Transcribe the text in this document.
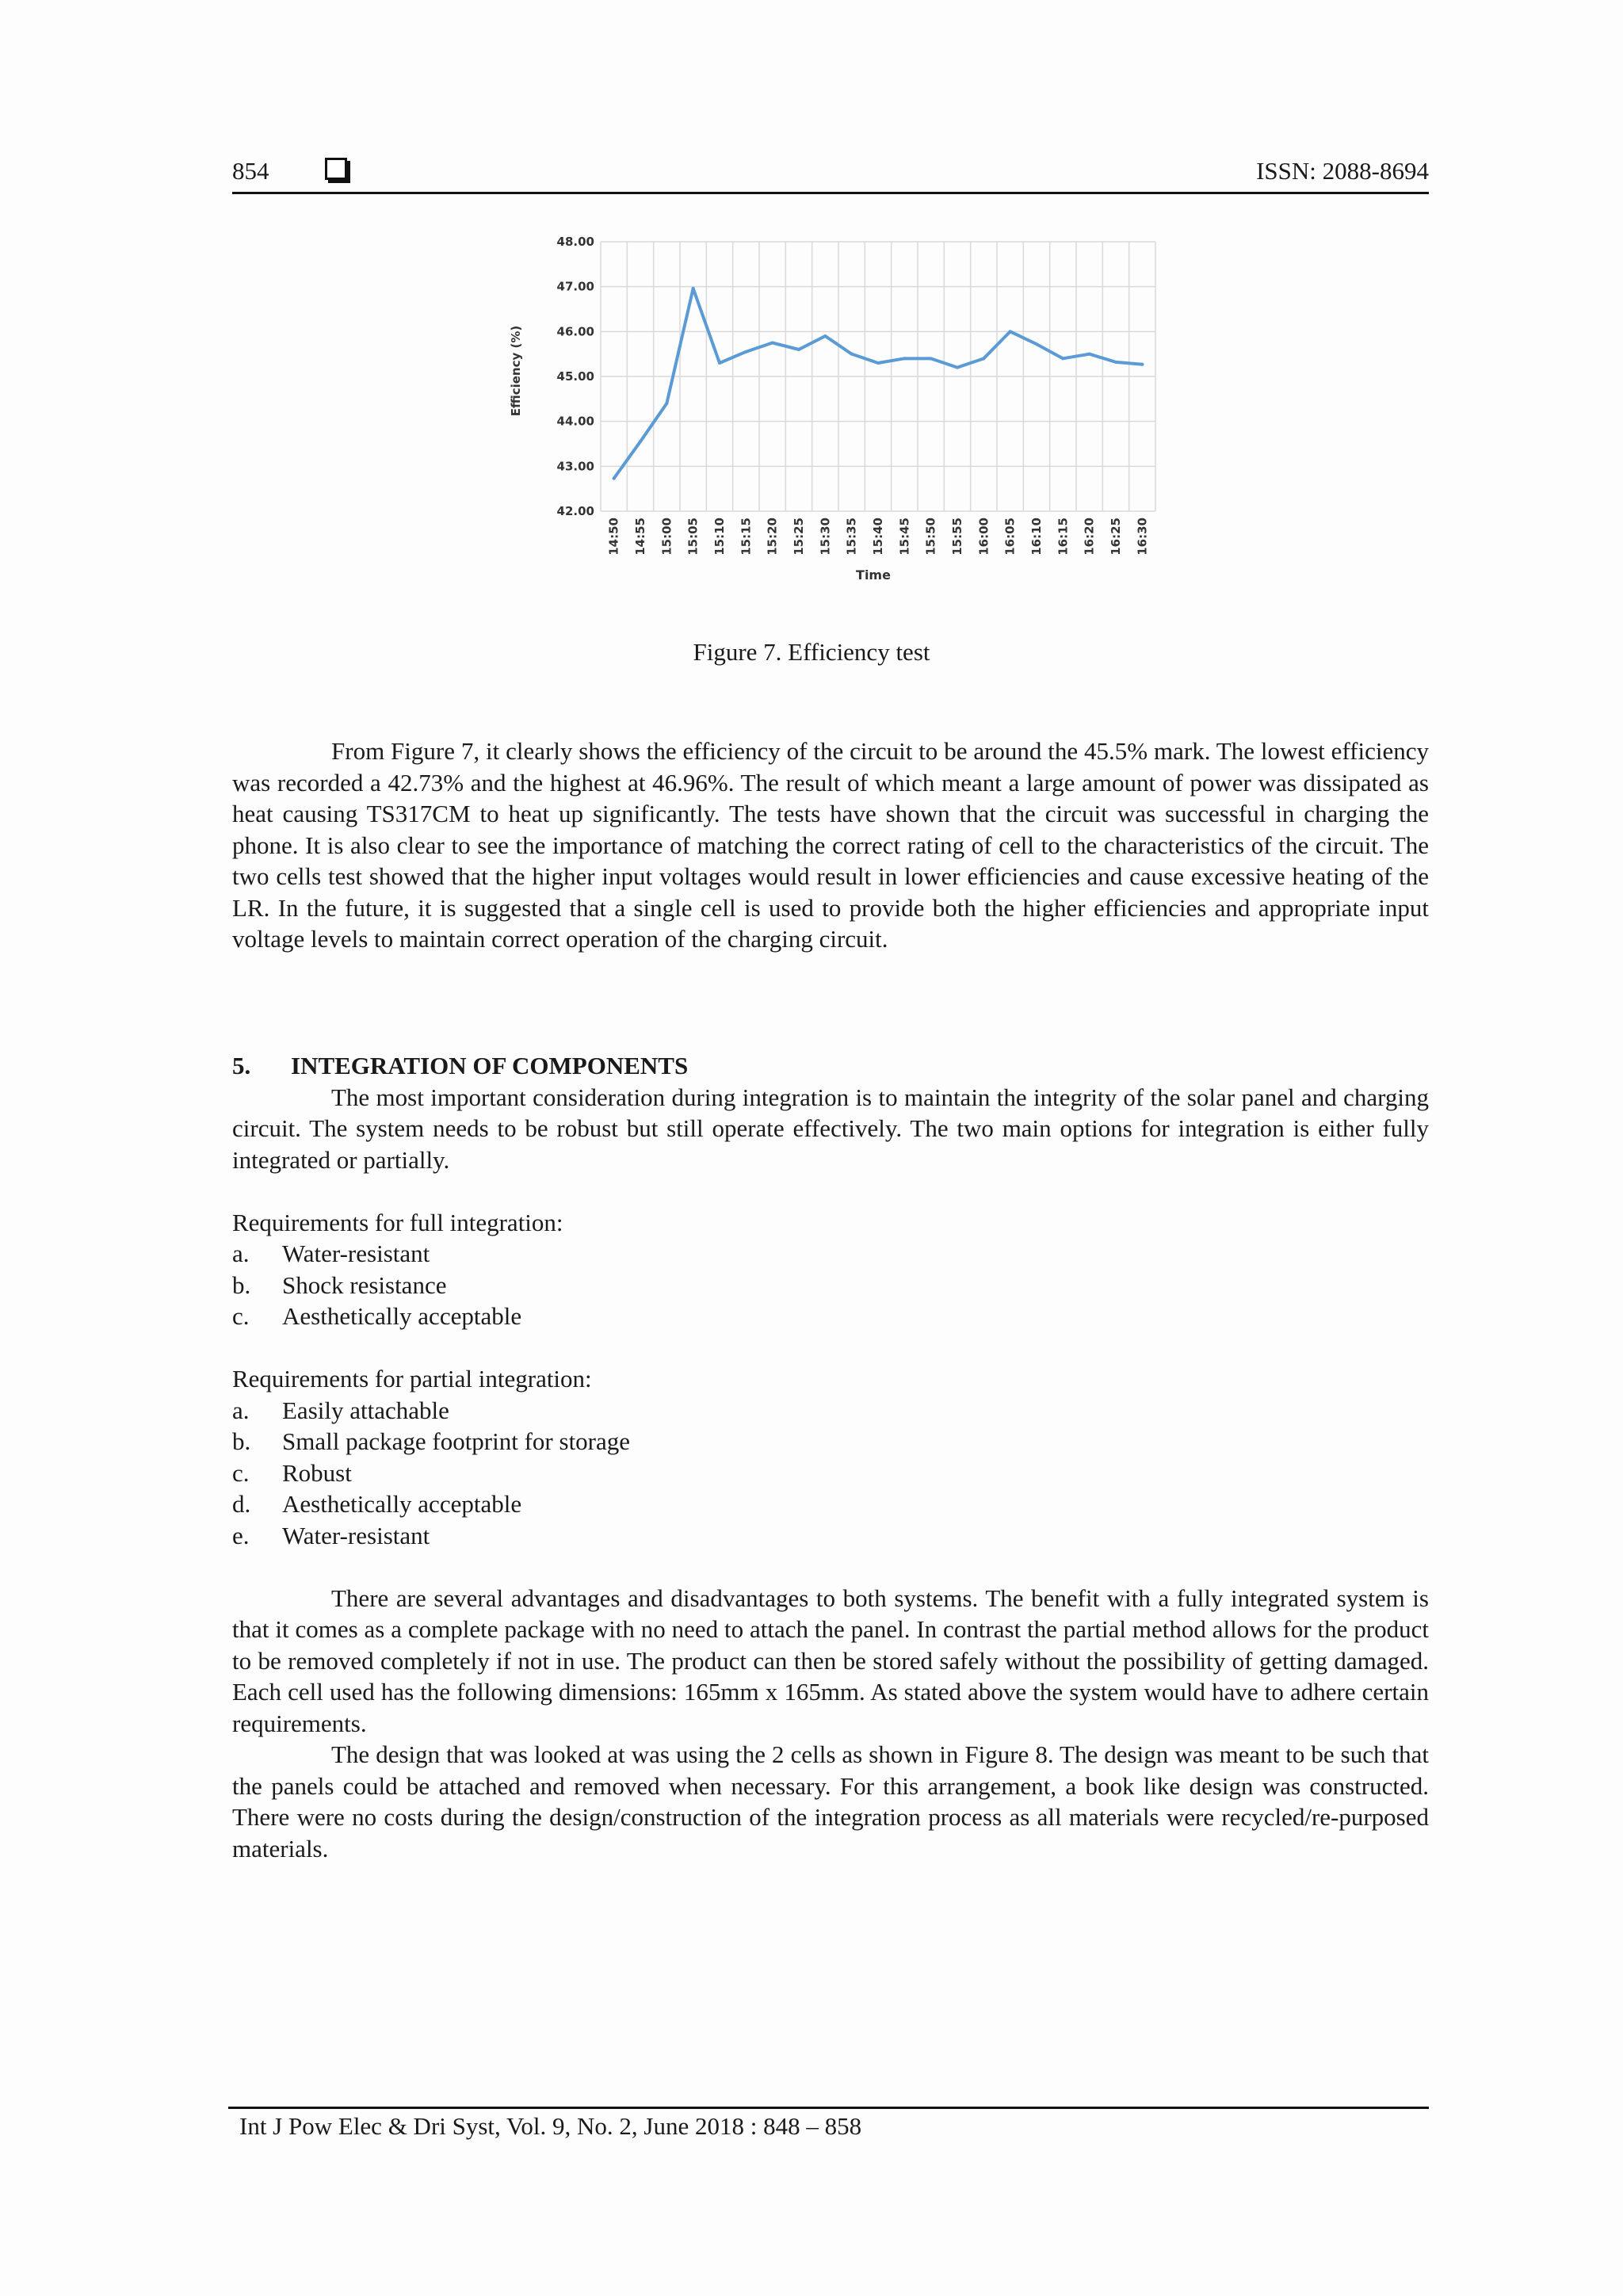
854	ISSN: 2088-8694
42.00
43.00
44.00
45.00
46.00
47.00
48.00
14:50 14:55 15:00 15:05 15:10 15:15 15:20 15:25 15:30 15:35 15:40 15:45 15:50 15:55 16:00 16:05 16:10 16:15 16:20 16:25 16:30
Efficiency (%)
Time
Figure 7. Efficiency test

From Figure 7, it clearly shows the efficiency of the circuit to be around the 45.5% mark. The lowest efficiency was recorded a 42.73% and the highest at 46.96%. The result of which meant a large amount of power was dissipated as heat causing TS317CM to heat up significantly. The tests have shown that the circuit was successful in charging the phone. It is also clear to see the importance of matching the correct rating of cell to the characteristics of the circuit. The two cells test showed that the higher input voltages would result in lower efficiencies and cause excessive heating of the LR. In the future, it is suggested that a single cell is used to provide both the higher efficiencies and appropriate input voltage levels to maintain correct operation of the charging circuit.

5. INTEGRATION OF COMPONENTS

The most important consideration during integration is to maintain the integrity of the solar panel and charging circuit. The system needs to be robust but still operate effectively. The two main options for integration is either fully integrated or partially.

Requirements for full integration:

a.	Water-resistant
b.	Shock resistance
c.	Aesthetically acceptable

Requirements for partial integration:

a.	Easily attachable
b.	Small package footprint for storage
c.	Robust
d.	Aesthetically acceptable
e.	Water-resistant

There are several advantages and disadvantages to both systems. The benefit with a fully integrated system is that it comes as a complete package with no need to attach the panel. In contrast the partial method allows for the product to be removed completely if not in use. The product can then be stored safely without the possibility of getting damaged. Each cell used has the following dimensions: 165mm x 165mm. As stated above the system would have to adhere certain requirements.

The design that was looked at was using the 2 cells as shown in Figure 8. The design was meant to be such that the panels could be attached and removed when necessary. For this arrangement, a book like design was constructed. There were no costs during the design/construction of the integration process as all materials were recycled/re-purposed materials.

Int J Pow Elec & Dri Syst, Vol. 9, No. 2, June 2018 : 848 – 858
